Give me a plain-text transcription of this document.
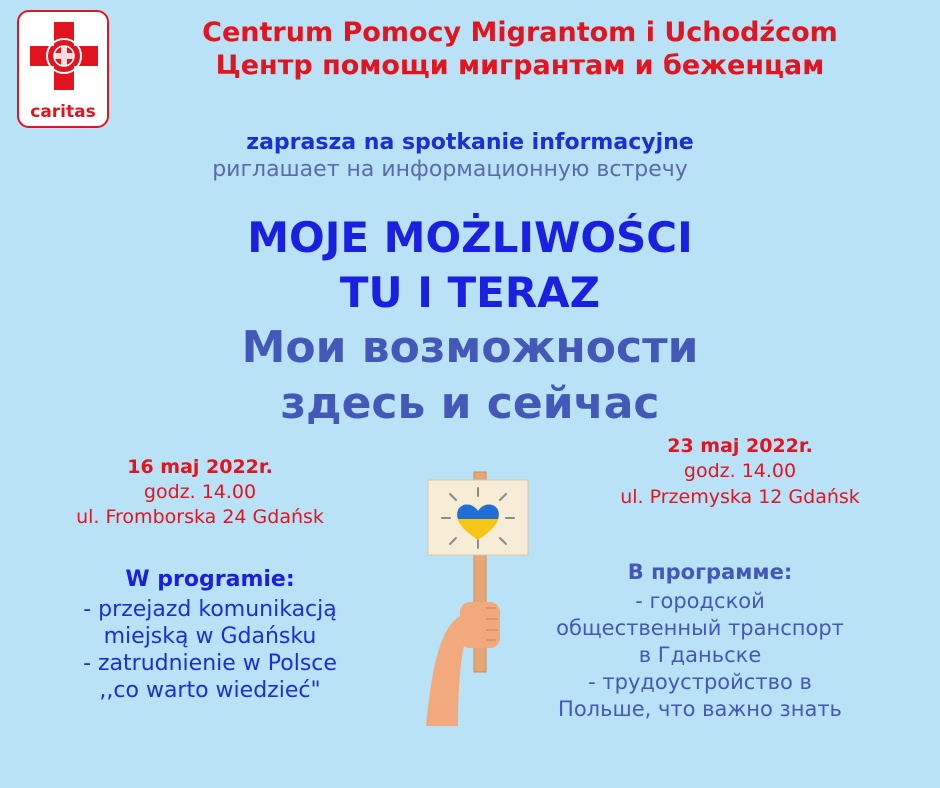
caritas
Centrum Pomocy Migrantom i Uchodźcom
Центр помощи мигрантам и беженцам
zaprasza na spotkanie informacyjne
риглашает на информационную встречу
MOJE MOŻLIWOŚCI
TU I TERAZ
Мои возможности
здесь и сейчас
16 maj 2022r.
godz. 14.00
ul. Fromborska 24 Gdańsk
23 maj 2022r.
godz. 14.00
ul. Przemyska 12 Gdańsk
W programie:
- przejazd komunikacją
miejską w Gdańsku
- zatrudnienie w Polsce
,,co warto wiedzieć"
В программе:
- городской
общественный транспорт
в Гданьске
- трудоустройство в
Польше, что важно знать
